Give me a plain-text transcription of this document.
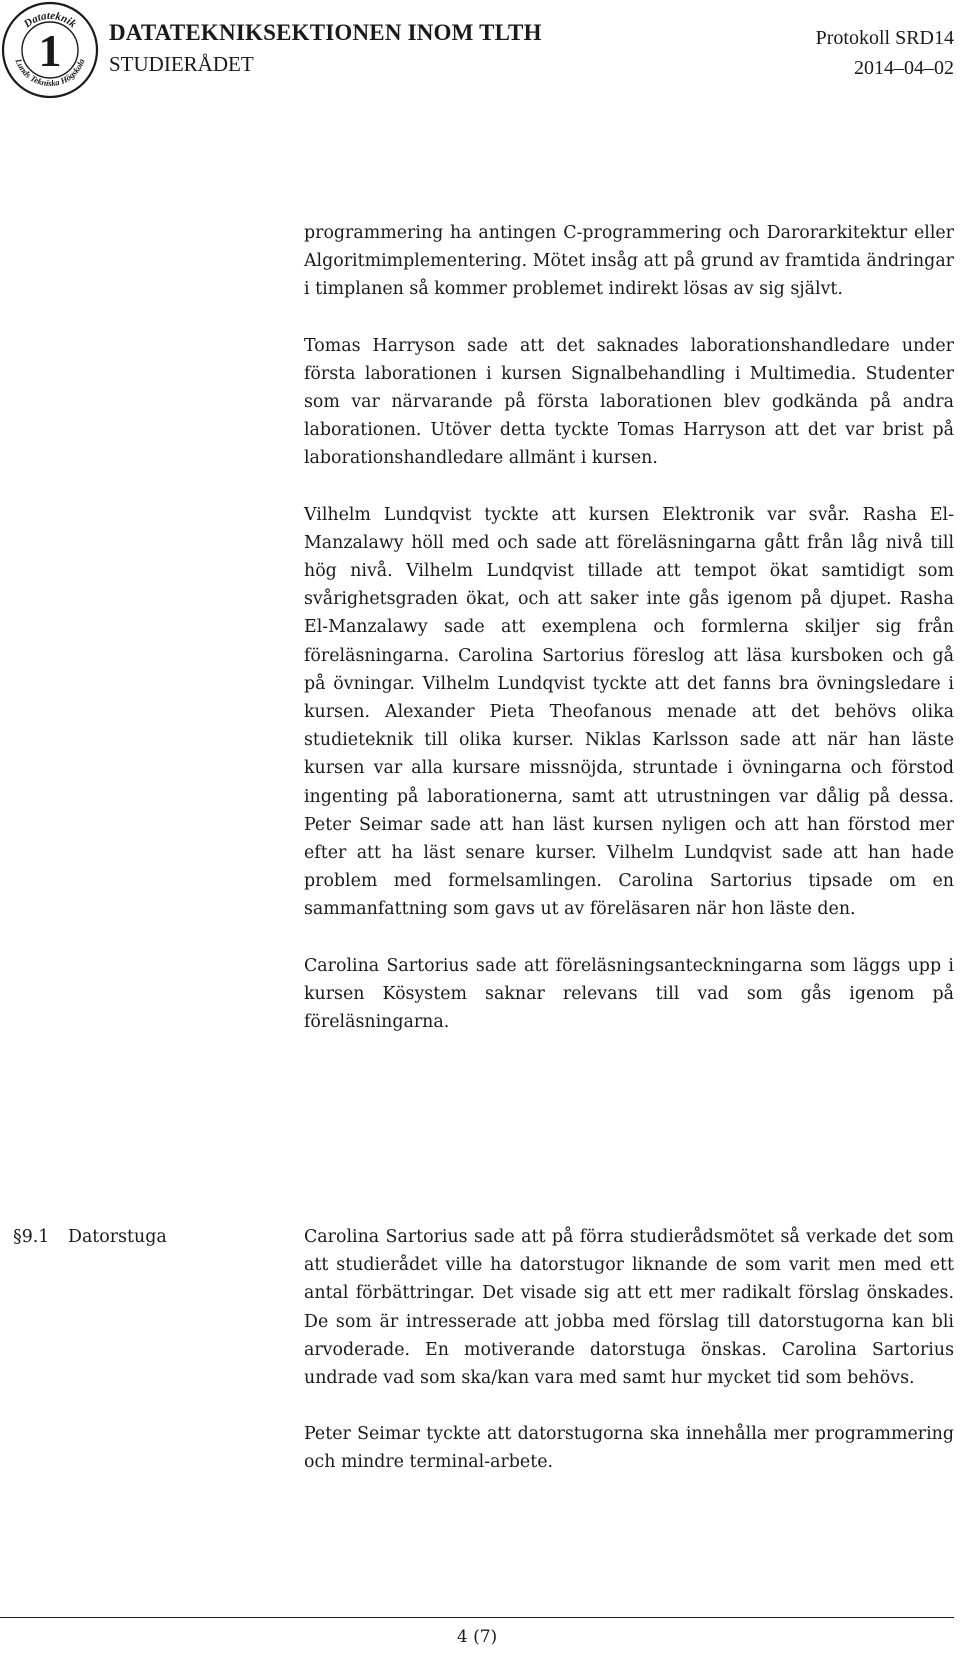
Datateknik
Lunds Tekniska Högskola
1 DATATEKNIKSEKTIONEN INOM TLTH
STUDIERÅDET
Protokoll SRD14
2014–04–02

programmering ha antingen C-programmering och Darorarkitektur eller Algoritmimplementering. Mötet insåg att på grund av framtida ändringar i timplanen så kommer problemet indirekt lösas av sig självt.

Tomas Harryson sade att det saknades laborationshandledare under första laborationen i kursen Signalbehandling i Multimedia. Studenter som var närvarande på första laborationen blev godkända på andra laborationen. Utöver detta tyckte Tomas Harryson att det var brist på laborationshandledare allmänt i kursen.

Vilhelm Lundqvist tyckte att kursen Elektronik var svår. Rasha El-Manzalawy höll med och sade att föreläsningarna gått från låg nivå till hög nivå. Vilhelm Lundqvist tillade att tempot ökat samtidigt som svårighetsgraden ökat, och att saker inte gås igenom på djupet. Rasha El-Manzalawy sade att exemplena och formlerna skiljer sig från föreläsningarna. Carolina Sartorius föreslog att läsa kursboken och gå på övningar. Vilhelm Lundqvist tyckte att det fanns bra övningsledare i kursen. Alexander Pieta Theofanous menade att det behövs olika studieteknik till olika kurser. Niklas Karlsson sade att när han läste kursen var alla kursare missnöjda, struntade i övningarna och förstod ingenting på laborationerna, samt att utrustningen var dålig på dessa. Peter Seimar sade att han läst kursen nyligen och att han förstod mer efter att ha läst senare kurser. Vilhelm Lundqvist sade att han hade problem med formelsamlingen. Carolina Sartorius tipsade om en sammanfattning som gavs ut av föreläsaren när hon läste den.

Carolina Sartorius sade att föreläsningsanteckningarna som läggs upp i kursen Kösystem saknar relevans till vad som gås igenom på föreläsningarna.

§9.1 Datorstuga	Carolina Sartorius sade att på förra studierådsmötet så verkade det som att studierådet ville ha datorstugor liknande de som varit men med ett antal förbättringar. Det visade sig att ett mer radikalt förslag önskades. De som är intresserade att jobba med förslag till datorstugorna kan bli arvoderade. En motiverande datorstuga önskas. Carolina Sartorius undrade vad som ska/kan vara med samt hur mycket tid som behövs.

Peter Seimar tyckte att datorstugorna ska innehålla mer programmering och mindre terminal-arbete.

4 (7)
